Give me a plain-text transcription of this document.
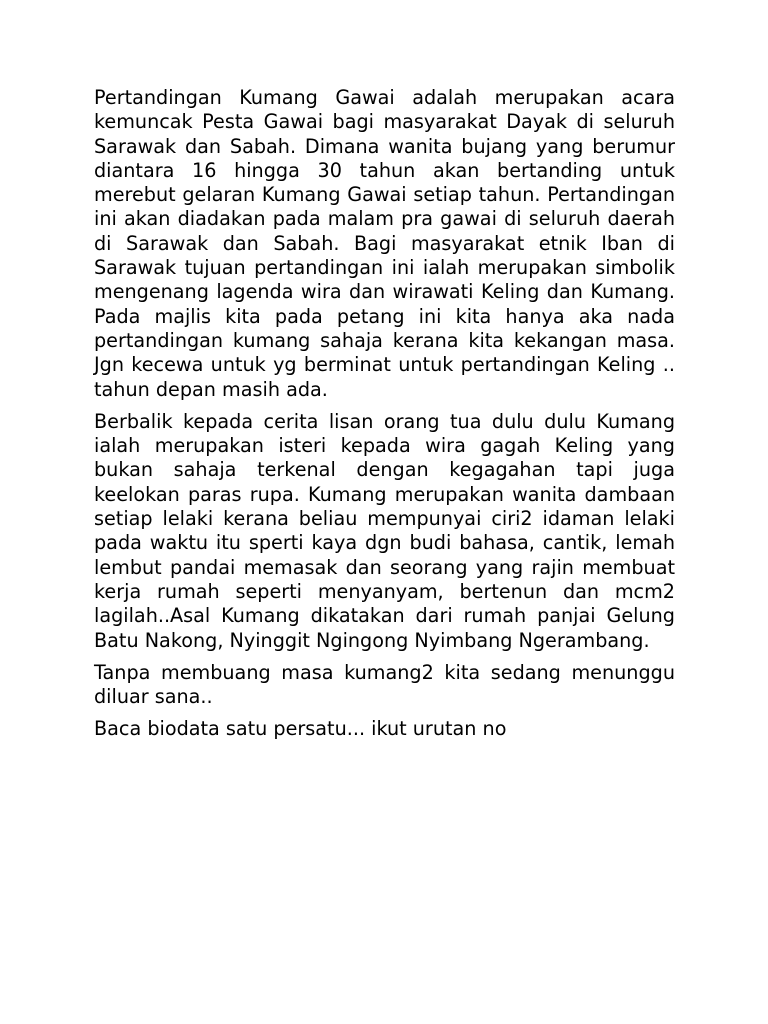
Pertandingan Kumang Gawai adalah merupakan acara kemuncak Pesta Gawai bagi masyarakat Dayak di seluruh Sarawak dan Sabah. Dimana wanita bujang yang berumur diantara 16 hingga 30 tahun akan bertanding untuk merebut gelaran Kumang Gawai setiap tahun. Pertandingan ini akan diadakan pada malam pra gawai di seluruh daerah di Sarawak dan Sabah. Bagi masyarakat etnik Iban di Sarawak tujuan pertandingan ini ialah merupakan simbolik mengenang lagenda wira dan wirawati Keling dan Kumang. Pada majlis kita pada petang ini kita hanya aka nada pertandingan kumang sahaja kerana kita kekangan masa. Jgn kecewa untuk yg berminat untuk pertandingan Keling .. tahun depan masih ada.

Berbalik kepada cerita lisan orang tua dulu dulu Kumang ialah merupakan isteri kepada wira gagah Keling yang bukan sahaja terkenal dengan kegagahan tapi juga keelokan paras rupa. Kumang merupakan wanita dambaan setiap lelaki kerana beliau mempunyai ciri2 idaman lelaki pada waktu itu sperti kaya dgn budi bahasa, cantik, lemah lembut pandai memasak dan seorang yang rajin membuat kerja rumah seperti menyanyam, bertenun dan mcm2 lagilah..Asal Kumang dikatakan dari rumah panjai Gelung Batu Nakong, Nyinggit Ngingong Nyimbang Ngerambang.

Tanpa membuang masa kumang2 kita sedang menunggu diluar sana..

Baca biodata satu persatu... ikut urutan no
